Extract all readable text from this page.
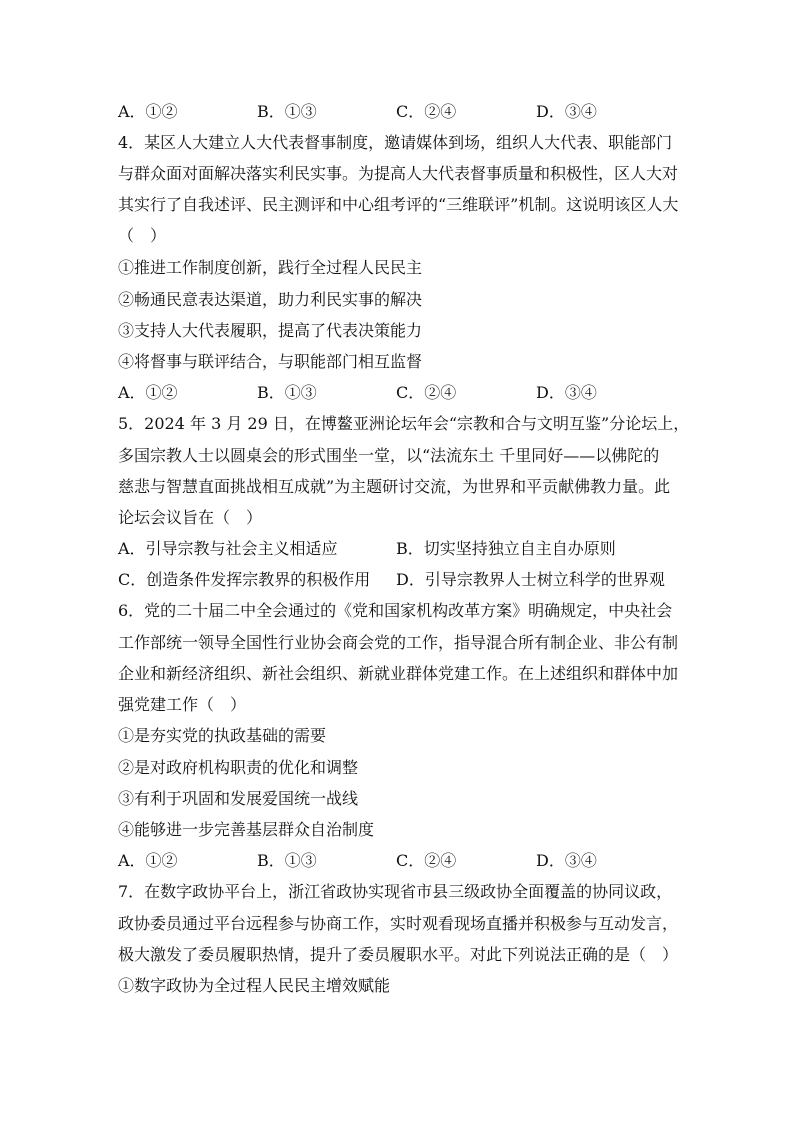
A．①②	B．①③	C．②④	D．③④
4．某区人大建立人大代表督事制度，邀请媒体到场，组织人大代表、职能部门
与群众面对面解决落实利民实事。为提高人大代表督事质量和积极性，区人大对
其实行了自我述评、民主测评和中心组考评的“三维联评”机制。这说明该区人大
（　）
①推进工作制度创新，践行全过程人民民主
②畅通民意表达渠道，助力利民实事的解决
③支持人大代表履职，提高了代表决策能力
④将督事与联评结合，与职能部门相互监督
A．①②	B．①③	C．②④	D．③④
5．2024 年 3 月 29 日，在博鳌亚洲论坛年会“宗教和合与文明互鉴”分论坛上，
多国宗教人士以圆桌会的形式围坐一堂，以“法流东土 千里同好——以佛陀的
慈悲与智慧直面挑战相互成就”为主题研讨交流，为世界和平贡献佛教力量。此
论坛会议旨在（　）
A．引导宗教与社会主义相适应	B．切实坚持独立自主自办原则
C．创造条件发挥宗教界的积极作用 D．引导宗教界人士树立科学的世界观
6．党的二十届二中全会通过的《党和国家机构改革方案》明确规定，中央社会
工作部统一领导全国性行业协会商会党的工作，指导混合所有制企业、非公有制
企业和新经济组织、新社会组织、新就业群体党建工作。在上述组织和群体中加
强党建工作（　）
①是夯实党的执政基础的需要
②是对政府机构职责的优化和调整
③有利于巩固和发展爱国统一战线
④能够进一步完善基层群众自治制度
A．①②	B．①③	C．②④	D．③④
7．在数字政协平台上，浙江省政协实现省市县三级政协全面覆盖的协同议政，
政协委员通过平台远程参与协商工作，实时观看现场直播并积极参与互动发言，
极大激发了委员履职热情，提升了委员履职水平。对此下列说法正确的是（　）
①数字政协为全过程人民民主增效赋能
